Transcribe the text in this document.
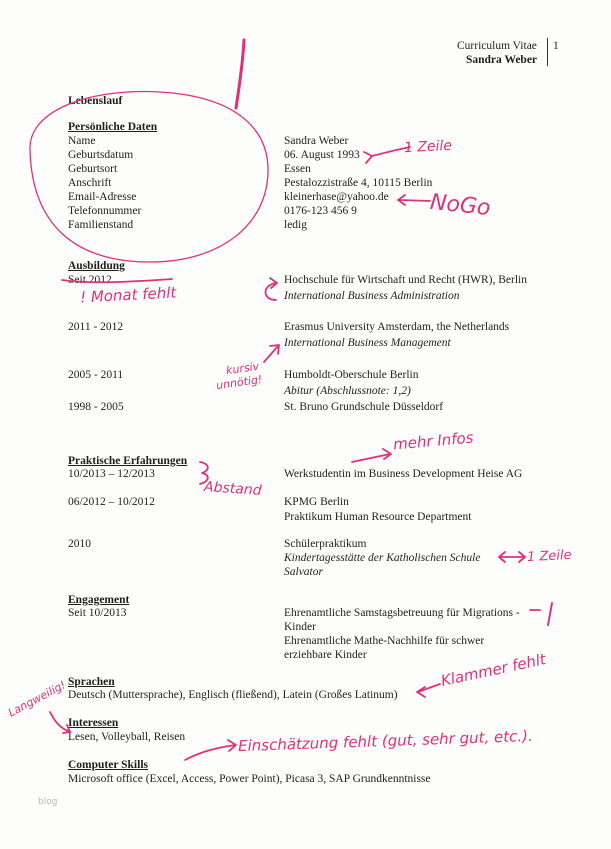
Curriculum Vitae 1
Sandra Weber
Lebenslauf
Persönliche Daten
Name	Sandra Weber
Geburtsdatum	06. August 1993
Geburtsort	Essen
Anschrift	Pestalozzistraße 4, 10115 Berlin
Email-Adresse	kleinerhase@yahoo.de
Telefonnummer	0176-123 456 9
Familienstand	ledig
Ausbildung
Seit 2012	Hochschule für Wirtschaft und Recht (HWR), Berlin
International Business Administration
2011 - 2012	Erasmus University Amsterdam, the Netherlands
International Business Management
2005 - 2011	Humboldt-Oberschule Berlin
Abitur (Abschlussnote: 1,2)
1998 - 2005	St. Bruno Grundschule Düsseldorf
Praktische Erfahrungen
10/2013 – 12/2013	Werkstudentin im Business Development Heise AG
06/2012 – 10/2012	KPMG Berlin
Praktikum Human Resource Department
2010	Schülerpraktikum
Kindertagesstätte der Katholischen Schule
Salvator
Engagement
Seit 10/2013	Ehrenamtliche Samstagsbetreuung für Migrations -
Kinder
Ehrenamtliche Mathe-Nachhilfe für schwer
erziehbare Kinder
Sprachen
Deutsch (Muttersprache), Englisch (fließend), Latein (Großes Latinum)
Interessen
Lesen, Volleyball, Reisen
Computer Skills
Microsoft office (Excel, Access, Power Point), Picasa 3, SAP Grundkenntnisse
blog
1 Zeile
NoGo
! Monat fehlt
kursiv
unnötig!
Abstand
mehr Infos
1 Zeile
Klammer fehlt
Langweilig!
Einschätzung fehlt (gut, sehr gut, etc.).
